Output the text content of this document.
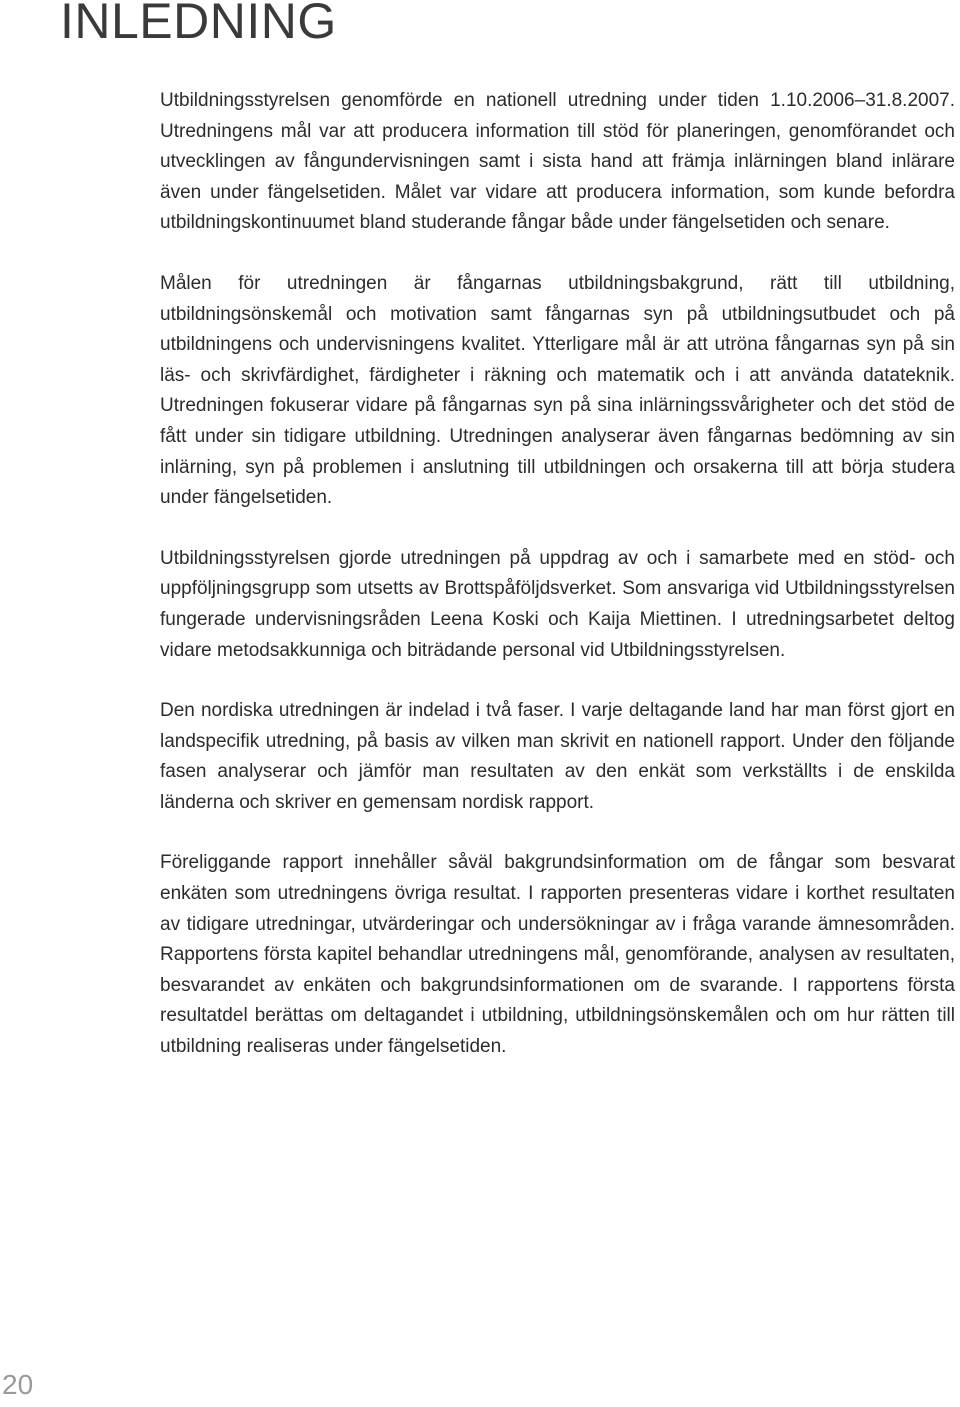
INLEDNING

Utbildningsstyrelsen genomförde en nationell utredning under tiden 1.10.2006–31.8.2007. Utredningens mål var att producera information till stöd för planeringen, genomförandet och utvecklingen av fångundervisningen samt i sista hand att främja inlärningen bland inlärare även under fängelsetiden. Målet var vidare att producera information, som kunde befordra utbildningskontinuumet bland studerande fångar både under fängelsetiden och senare.

Målen för utredningen är fångarnas utbildningsbakgrund, rätt till utbildning, utbildningsönskemål och motivation samt fångarnas syn på utbildningsutbudet och på utbildningens och undervisningens kvalitet. Ytterligare mål är att utröna fångarnas syn på sin läs- och skrivfärdighet, färdigheter i räkning och matematik och i att använda datateknik. Utredningen fokuserar vidare på fångarnas syn på sina inlärningssvårigheter och det stöd de fått under sin tidigare utbildning. Utredningen analyserar även fångarnas bedömning av sin inlärning, syn på problemen i anslutning till utbildningen och orsakerna till att börja studera under fängelsetiden.

Utbildningsstyrelsen gjorde utredningen på uppdrag av och i samarbete med en stöd- och uppföljningsgrupp som utsetts av Brottspåföljdsverket. Som ansvariga vid Utbildningsstyrelsen fungerade undervisningsråden Leena Koski och Kaija Miettinen. I utredningsarbetet deltog vidare metodsakkunniga och biträdande personal vid Utbildningsstyrelsen.

Den nordiska utredningen är indelad i två faser. I varje deltagande land har man först gjort en landspecifik utredning, på basis av vilken man skrivit en nationell rapport. Under den följande fasen analyserar och jämför man resultaten av den enkät som verkställts i de enskilda länderna och skriver en gemensam nordisk rapport.

Föreliggande rapport innehåller såväl bakgrundsinformation om de fångar som besvarat enkäten som utredningens övriga resultat. I rapporten presenteras vidare i korthet resultaten av tidigare utredningar, utvärderingar och undersökningar av i fråga varande ämnesområden. Rapportens första kapitel behandlar utredningens mål, genomförande, analysen av resultaten, besvarandet av enkäten och bakgrundsinformationen om de svarande. I rapportens första resultatdel berättas om deltagandet i utbildning, utbildningsönskemålen och om hur rätten till utbildning realiseras under fängelsetiden.

20
